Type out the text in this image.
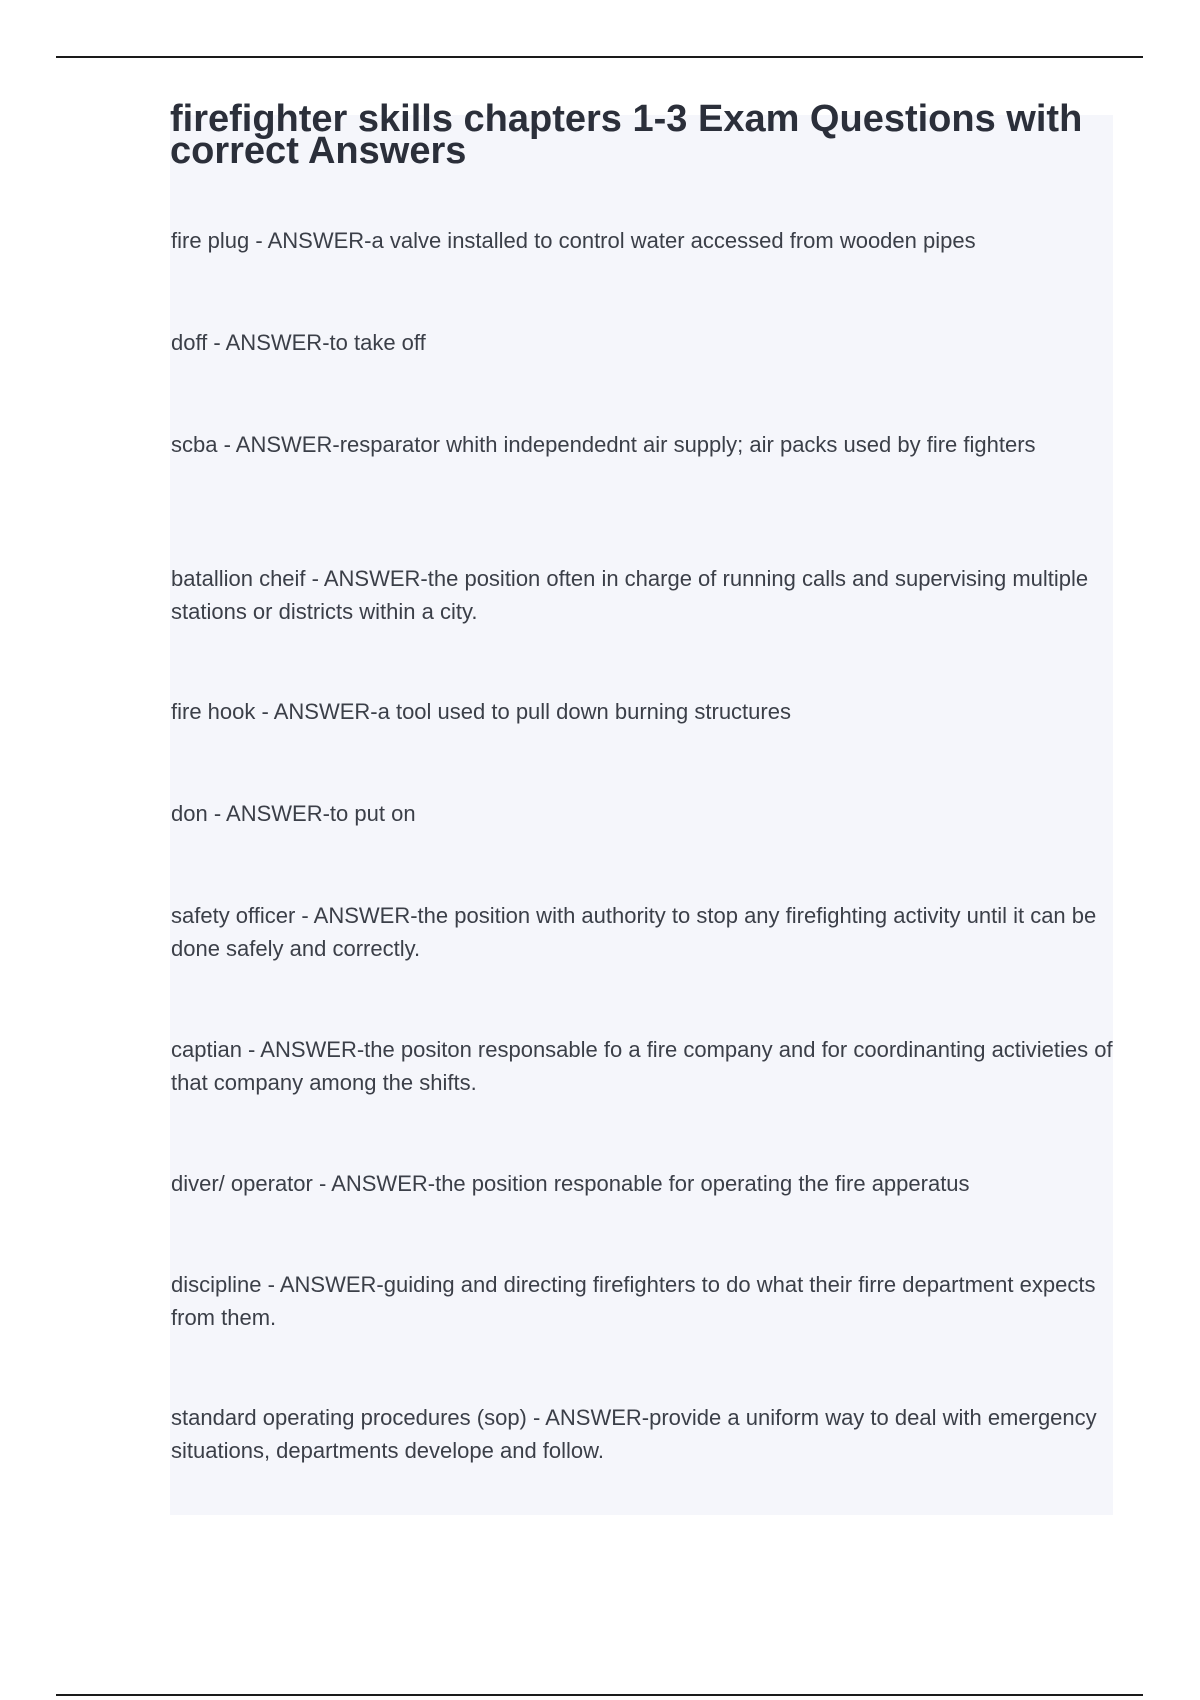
firefighter skills chapters 1-3 Exam Questions with correct Answers
fire plug - ANSWER-a valve installed to control water accessed from wooden pipes
doff - ANSWER-to take off
scba - ANSWER-resparator whith independednt air supply; air packs used by fire fighters
batallion cheif - ANSWER-the position often in charge of running calls and supervising multiple stations or districts within a city.
fire hook - ANSWER-a tool used to pull down burning structures
don - ANSWER-to put on
safety officer - ANSWER-the position with authority to stop any firefighting activity until it can be done safely and correctly.
captian - ANSWER-the positon responsable fo a fire company and for coordinanting activieties of that company among the shifts.
diver/ operator - ANSWER-the position responable for operating the fire apperatus
discipline - ANSWER-guiding and directing firefighters to do what their firre department expects from them.
standard operating procedures (sop) - ANSWER-provide a uniform way to deal with emergency situations, departments develope and follow.
